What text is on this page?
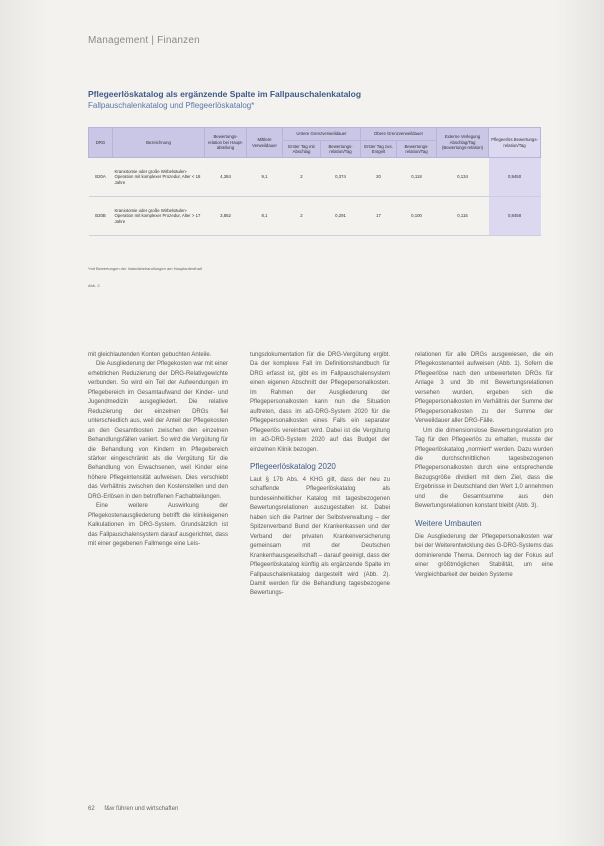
Management | Finanzen
Pflegeerlöskatalog als ergänzende Spalte im Fallpauschalenkatalog
Fallpauschalenkatalog und Pflegeerlöskatalog*
DRG	Bezeichnung	Bewertungs-relation bei Haupt-abteilung	Mittlere Verweildauer	Untere Grenzverweildauer		Obere Grenzverweildauer		Externe Verlegung Abschlag/Tag (Bewertungs-relation)	Pflegeerlös Bewertungs-relation/Tag
				Erster Tag mit Abschlag	Bewertungs-relation/Tag	Erster Tag zus. Entgelt	Bewertungs-relation/Tag		
B20A	Kraniotomie oder große Wirbelsäulen-Operation mit komplexer Prozedur, Alter < 18 Jahre	4,384	9,1	2	0,374	20	0,118	0,134	0,9450
B20B	Kraniotomie oder große Wirbelsäulen-Operation mit komplexer Prozedur, Alter > 17 Jahre	3,852	8,1	2	0,291	17	0,100	0,115	0,8458
*mit Bewertungen der Inlandsbehandlungen am Hauptaufenthalt
Abb. 2

mit gleichlautenden Konten gebuchten Anteile.

Die Ausgliederung der Pflegekosten war mit einer erheblichen Reduzierung der DRG-Relativgewichte verbunden. So wird ein Teil der Aufwendungen im Pflegebereich im Gesamtaufwand der Kinder- und Jugendmedizin ausgegliedert. Die relative Reduzierung der einzelnen DRGs fiel unterschiedlich aus, weil der Anteil der Pflegekosten an den Gesamtkosten zwischen den einzelnen Behandlungsfällen variiert. So wird die Vergütung für die Behandlung von Kindern im Pflegebereich stärker eingeschränkt als die Vergütung für die Behandlung von Erwachsenen, weil Kinder eine höhere Pflegeintensität aufweisen. Dies verschiebt das Verhältnis zwischen den Kostenstellen und den DRG-Erlösen in den betroffenen Fachabteilungen.

Eine weitere Auswirkung der Pflegekostenausgliederung betrifft die klinikeigenen Kalkulationen im DRG-System. Grundsätzlich ist das Fallpauschalensystem darauf ausgerichtet, dass mit einer gegebenen Fallmenge eine Leis-

tungsdokumentation für die DRG-Vergütung ergibt. Da der komplexe Fall im Definitionshandbuch für DRG erfasst ist, gibt es im Fallpauschalensystem einen eigenen Abschnitt der Pflegepersonalkosten. Im Rahmen der Ausgliederung der Pflegepersonalkosten kann nun die Situation auftreten, dass im aG-DRG-System 2020 für die Pflegepersonalkosten eines Falls ein separater Pflegeerlös vereinbart wird. Dabei ist die Vergütung im aG-DRG-System 2020 auf das Budget der einzelnen Klinik bezogen.

Pflegeerlöskatalog 2020

Laut § 17b Abs. 4 KHG gilt, dass der neu zu schaffende Pflegeerlöskatalog als bundeseinheitlicher Katalog mit tagesbezogenen Bewertungsrelationen auszugestalten ist. Dabei haben sich die Partner der Selbstverwaltung – der Spitzenverband Bund der Krankenkassen und der Verband der privaten Krankenversicherung gemeinsam mit der Deutschen Krankenhausgesellschaft – darauf geeinigt, dass der Pflegeerlöskatalog künftig als ergänzende Spalte im Fallpauschalenkatalog dargestellt wird (Abb. 2). Damit werden für die Behandlung tagesbezogene Bewertungs-

relationen für alle DRGs ausgewiesen, die ein Pflegekostenanteil aufweisen (Abb. 1). Sofern die Pflegeerlöse nach den unbewerteten DRGs für Anlage 3 und 3b mit Bewertungsrelationen versehen wurden, ergeben sich die Pflegepersonalkosten im Verhältnis der Summe der Pflegepersonalkosten zu der Summe der Verweildauer aller DRG-Fälle.

Um die dimensionslose Bewertungsrelation pro Tag für den Pflegeerlös zu erhalten, musste der Pflegeerlöskatalog „normiert“ werden. Dazu wurden die durchschnittlichen tagesbezogenen Pflegepersonalkosten durch eine entsprechende Bezugsgröße dividiert mit dem Ziel, dass die Ergebnisse in Deutschland den Wert 1,0 annehmen und die Gesamtsumme aus den Bewertungsrelationen konstant bleibt (Abb. 3).

Weitere Umbauten

Die Ausgliederung der Pflegepersonalkosten war bei der Weiterentwicklung des G-DRG-Systems das dominierende Thema. Dennoch lag der Fokus auf einer größtmöglichen Stabilität, um eine Vergleichbarkeit der beiden Systeme

62 f&w führen und wirtschaften
